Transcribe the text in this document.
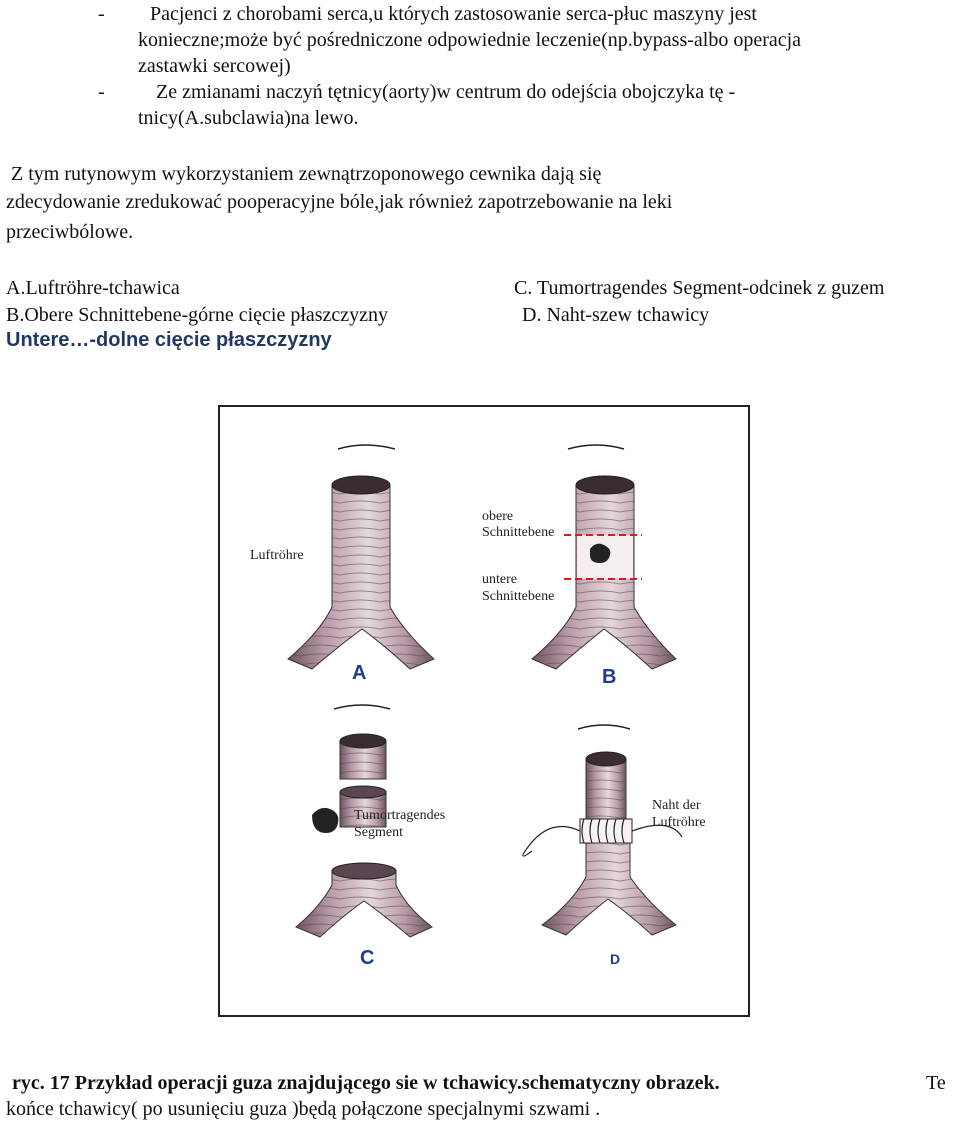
- Pacjenci z chorobami serca,u których zastosowanie serca-płuc maszyny jest
konieczne;może być pośredniczone odpowiednie leczenie(np.bypass-albo operacja
zastawki sercowej)
-	Ze zmianami naczyń tętnicy(aorty)w centrum do odejścia obojczyka tę -
tnicy(A.subclawia)na lewo.
Z tym rutynowym wykorzystaniem zewnątrzoponowego cewnika dają się
zdecydowanie zredukować pooperacyjne bóle,jak również zapotrzebowanie na leki
przeciwbólowe.
A.Luftröhre-tchawica	C. Tumortragendes Segment-odcinek z guzem
B.Obere Schnittebene-górne cięcie płaszczyzny	D. Naht-szew tchawicy
Untere…-dolne cięcie płaszczyzny
Luftröhre
A
obere
Schnittebene
untere
Schnittebene
B
Tumortragendes
Segment
C
Naht der
Luftröhre
D
ryc. 17 Przykład operacji guza znajdującego sie w tchawicy.schematyczny obrazek.	Te
końce tchawicy( po usunięciu guza )będą połączone specjalnymi szwami .
